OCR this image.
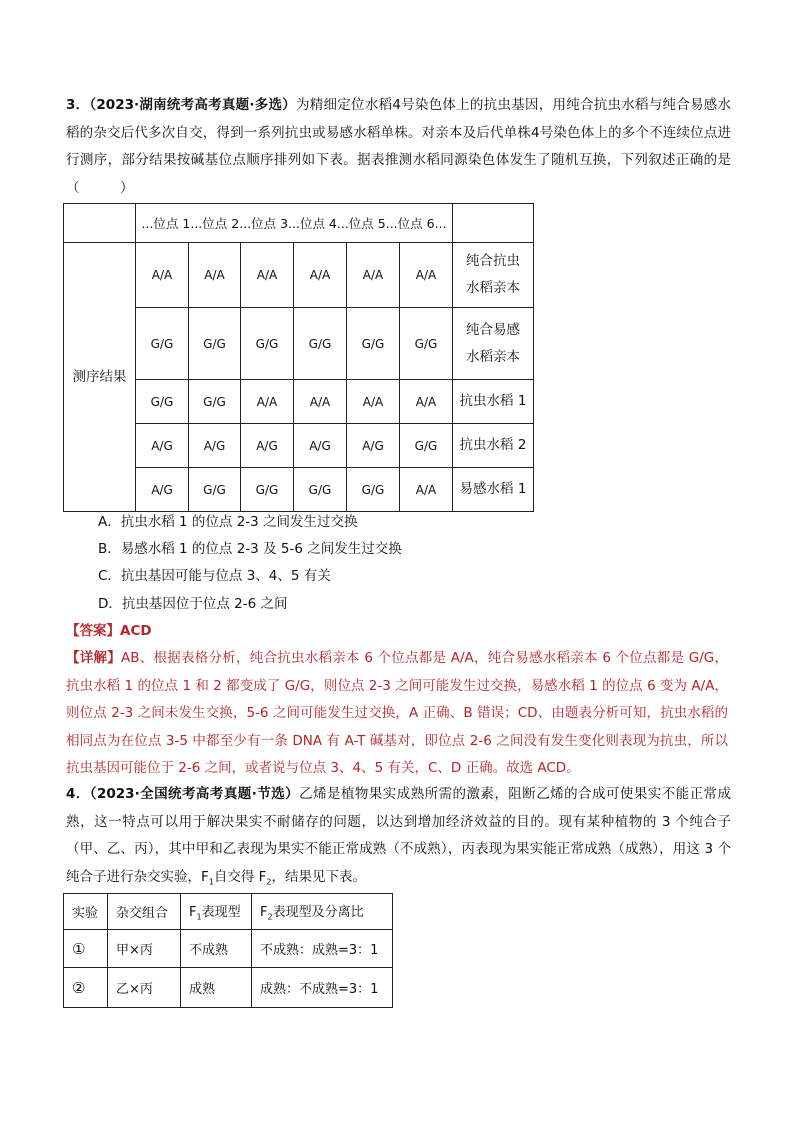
3．（2023·湖南统考高考真题·多选）为精细定位水稻4号染色体上的抗虫基因，用纯合抗虫水稻与纯合易感水稻的杂交后代多次自交，得到一系列抗虫或易感水稻单株。对亲本及后代单株4号染色体上的多个不连续位点进行测序，部分结果按碱基位点顺序排列如下表。据表推测水稻同源染色体发生了随机互换，下列叙述正确的是（　　　）
	...位点 1...位点 2...位点 3...位点 4...位点 5...位点 6...						
测序结果	A/A	A/A	A/A	A/A	A/A	A/A	纯合抗虫水稻亲本

	G/G	G/G	G/G	G/G	G/G	G/G	纯合易感水稻亲本

	G/G	G/G	A/A	A/A	A/A	A/A	抗虫水稻 1
	A/G	A/G	A/G	A/G	A/G	G/G	抗虫水稻 2
	A/G	G/G	G/G	G/G	G/G	A/A	易感水稻 1
A．抗虫水稻 1 的位点 2-3 之间发生过交换
B．易感水稻 1 的位点 2-3 及 5-6 之间发生过交换
C．抗虫基因可能与位点 3、4、5 有关
D．抗虫基因位于位点 2-6 之间
【答案】ACD
【详解】AB、根据表格分析，纯合抗虫水稻亲本 6 个位点都是 A/A，纯合易感水稻亲本 6 个位点都是 G/G，抗虫水稻 1 的位点 1 和 2 都变成了 G/G，则位点 2-3 之间可能发生过交换，易感水稻 1 的位点 6 变为 A/A，则位点 2-3 之间未发生交换，5-6 之间可能发生过交换，A 正确、B 错误；CD、由题表分析可知，抗虫水稻的相同点为在位点 3-5 中都至少有一条 DNA 有 A-T 碱基对，即位点 2-6 之间没有发生变化则表现为抗虫，所以抗虫基因可能位于 2-6 之间，或者说与位点 3、4、5 有关，C、D 正确。故选 ACD。
4．（2023·全国统考高考真题·节选）乙烯是植物果实成熟所需的激素，阻断乙烯的合成可使果实不能正常成熟，这一特点可以用于解决果实不耐储存的问题，以达到增加经济效益的目的。现有某种植物的 3 个纯合子（甲、乙、丙），其中甲和乙表现为果实不能正常成熟（不成熟），丙表现为果实能正常成熟（成熟），用这 3 个纯合子进行杂交实验，$F_1$自交得 $F_2$，结果见下表。
实验	杂交组合	$F_1$表现型	$F_2$表现型及分离比
①	甲×丙	不成熟	不成熟：成熟=3：1
②	乙×丙	成熟	成熟：不成熟=3：1
